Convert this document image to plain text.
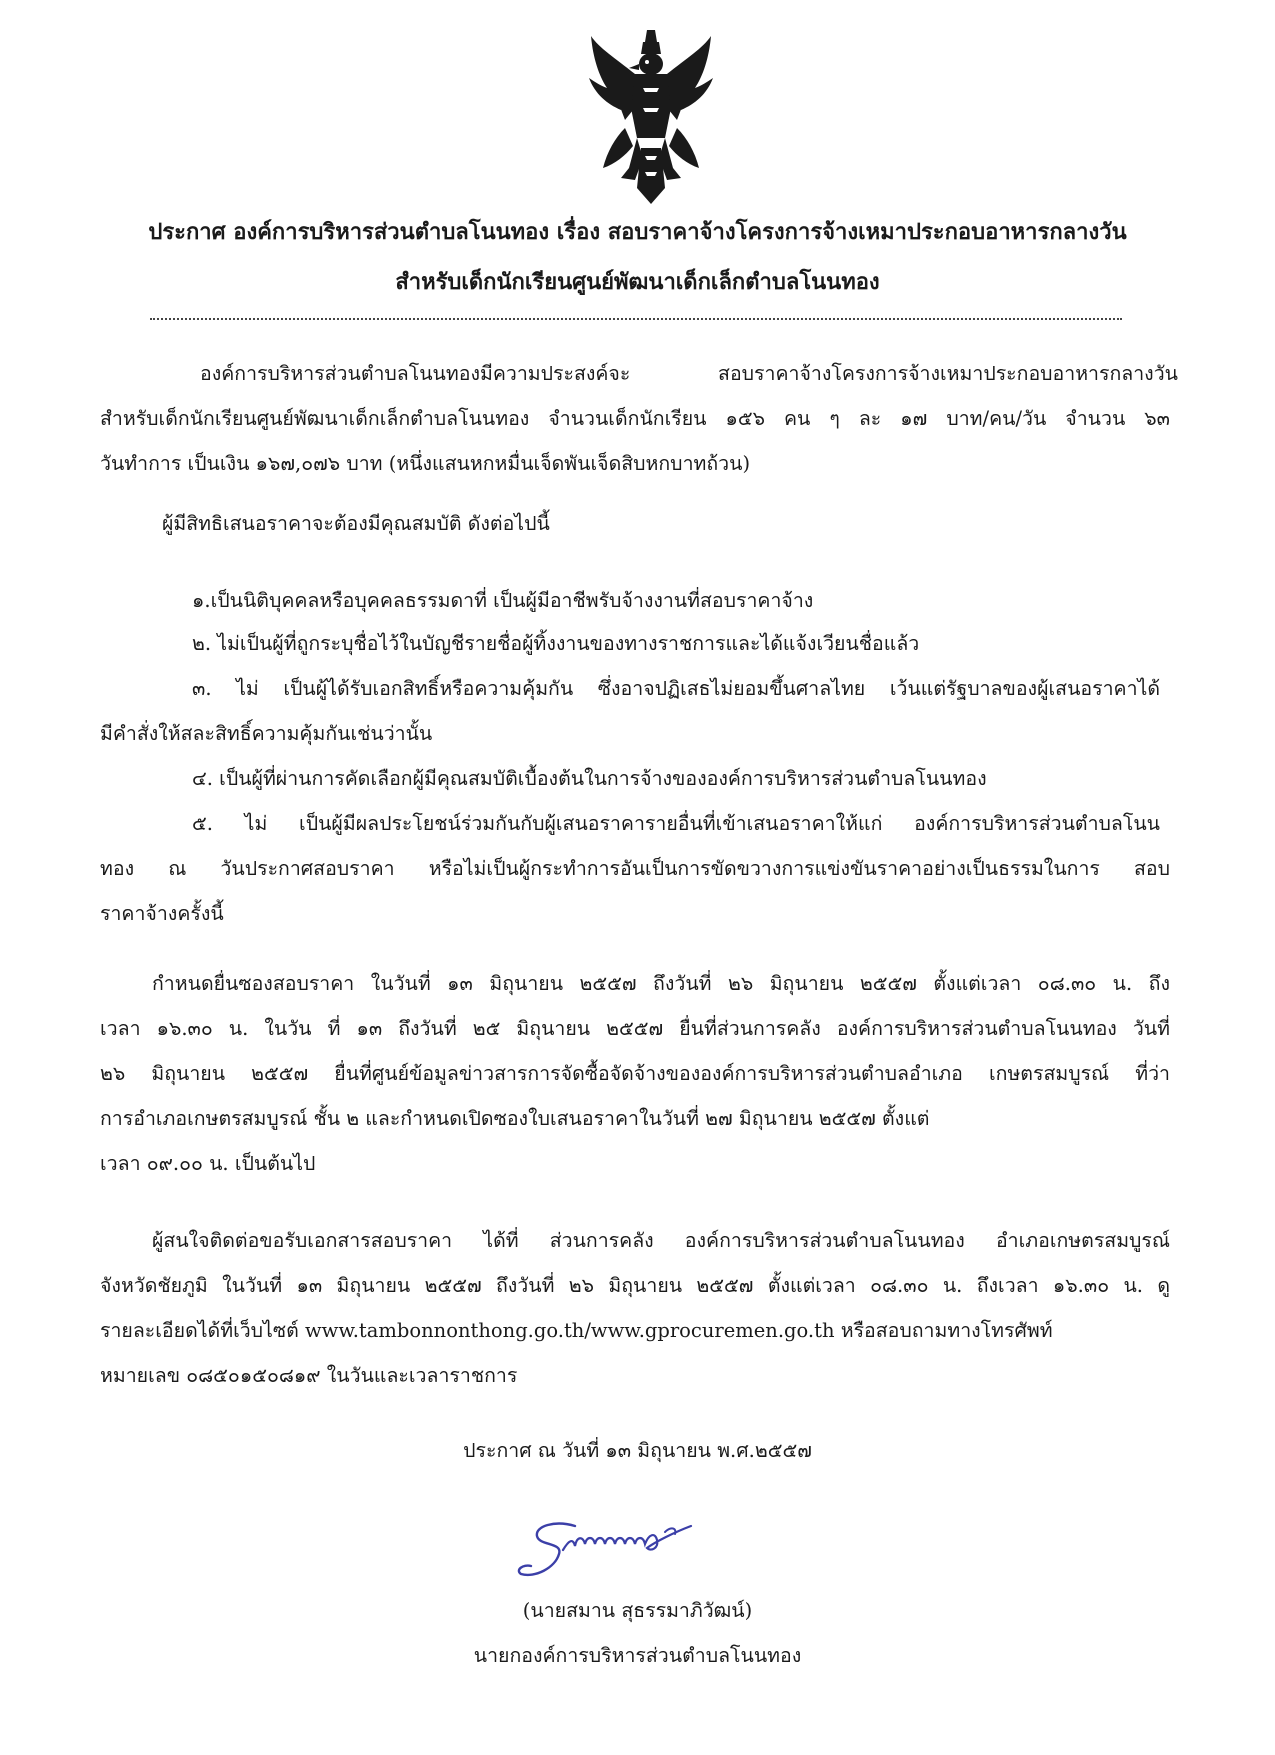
ประกาศ องค์การบริหารส่วนตำบลโนนทอง เรื่อง สอบราคาจ้างโครงการจ้างเหมาประกอบอาหารกลางวัน
สำหรับเด็กนักเรียนศูนย์พัฒนาเด็กเล็กตำบลโนนทอง
องค์การบริหารส่วนตำบลโนนทองมีความประสงค์จะ สอบราคาจ้างโครงการจ้างเหมาประกอบอาหารกลางวัน
สำหรับเด็กนักเรียนศูนย์พัฒนาเด็กเล็กตำบลโนนทอง จำนวนเด็กนักเรียน ๑๕๖ คน ๆ ละ ๑๗ บาท/คน/วัน จำนวน ๖๓
วันทำการ เป็นเงิน ๑๖๗,๐๗๖ บาท (หนึ่งแสนหกหมื่นเจ็ดพันเจ็ดสิบหกบาทถ้วน)
ผู้มีสิทธิเสนอราคาจะต้องมีคุณสมบัติ ดังต่อไปนี้
๑.เป็นนิติบุคคลหรือบุคคลธรรมดาที่ เป็นผู้มีอาชีพรับจ้างงานที่สอบราคาจ้าง
๒. ไม่เป็นผู้ที่ถูกระบุชื่อไว้ในบัญชีรายชื่อผู้ทิ้งงานของทางราชการและได้แจ้งเวียนชื่อแล้ว
๓. ไม่ เป็นผู้ได้รับเอกสิทธิ์หรือความคุ้มกัน ซึ่งอาจปฏิเสธไม่ยอมขึ้นศาลไทย เว้นแต่รัฐบาลของผู้เสนอราคาได้
มีคำสั่งให้สละสิทธิ์ความคุ้มกันเช่นว่านั้น
๔. เป็นผู้ที่ผ่านการคัดเลือกผู้มีคุณสมบัติเบื้องต้นในการจ้างขององค์การบริหารส่วนตำบลโนนทอง
๕. ไม่ เป็นผู้มีผลประโยชน์ร่วมกันกับผู้เสนอราคารายอื่นที่เข้าเสนอราคาให้แก่ องค์การบริหารส่วนตำบลโนน
ทอง ณ วันประกาศสอบราคา หรือไม่เป็นผู้กระทำการอันเป็นการขัดขวางการแข่งขันราคาอย่างเป็นธรรมในการ สอบ
ราคาจ้างครั้งนี้
กำหนดยื่นซองสอบราคา ในวันที่ ๑๓ มิถุนายน ๒๕๕๗ ถึงวันที่ ๒๖ มิถุนายน ๒๕๕๗ ตั้งแต่เวลา ๐๘.๓๐ น. ถึง
เวลา ๑๖.๓๐ น. ในวัน ที่ ๑๓ ถึงวันที่ ๒๕ มิถุนายน ๒๕๕๗ ยื่นที่ส่วนการคลัง องค์การบริหารส่วนตำบลโนนทอง วันที่
๒๖ มิถุนายน ๒๕๕๗ ยื่นที่ศูนย์ข้อมูลข่าวสารการจัดซื้อจัดจ้างขององค์การบริหารส่วนตำบลอำเภอ เกษตรสมบูรณ์ ที่ว่า
การอำเภอเกษตรสมบูรณ์ ชั้น ๒ และกำหนดเปิดซองใบเสนอราคาในวันที่ ๒๗ มิถุนายน ๒๕๕๗ ตั้งแต่
เวลา ๐๙.๐๐ น. เป็นต้นไป
ผู้สนใจติดต่อขอรับเอกสารสอบราคา ได้ที่ ส่วนการคลัง องค์การบริหารส่วนตำบลโนนทอง อำเภอเกษตรสมบูรณ์
จังหวัดชัยภูมิ ในวันที่ ๑๓ มิถุนายน ๒๕๕๗ ถึงวันที่ ๒๖ มิถุนายน ๒๕๕๗ ตั้งแต่เวลา ๐๘.๓๐ น. ถึงเวลา ๑๖.๓๐ น. ดู
รายละเอียดได้ที่เว็บไซต์ www.tambonnonthong.go.th/www.gprocuremen.go.th หรือสอบถามทางโทรศัพท์
หมายเลข ๐๘๕๐๑๕๐๘๑๙ ในวันและเวลาราชการ
ประกาศ ณ วันที่ ๑๓ มิถุนายน พ.ศ.๒๕๕๗
(นายสมาน สุธรรมาภิวัฒน์)
นายกองค์การบริหารส่วนตำบลโนนทอง
